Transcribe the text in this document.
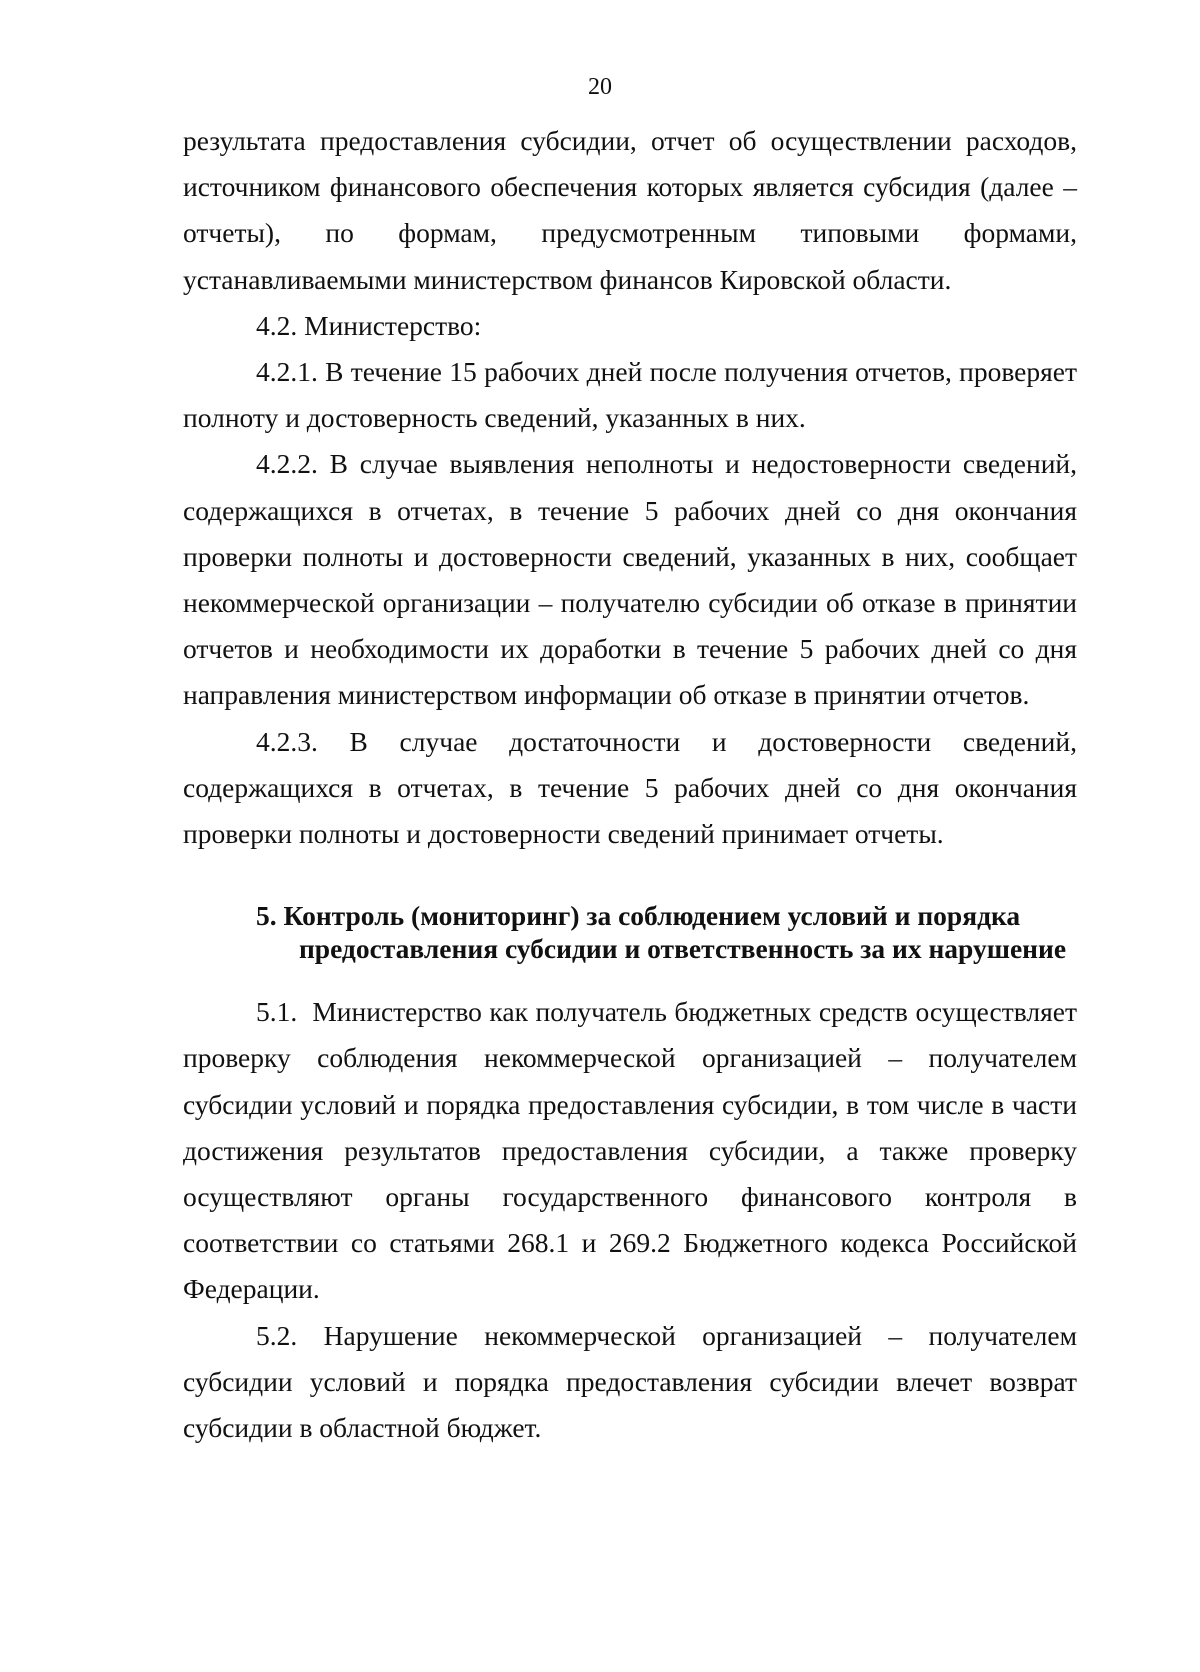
20

результата предоставления субсидии, отчет об осуществлении расходов, источником финансового обеспечения которых является субсидия (далее – отчеты), по формам, предусмотренным типовыми формами, устанавливаемыми министерством финансов Кировской области.

4.2. Министерство:

4.2.1. В течение 15 рабочих дней после получения отчетов, проверяет полноту и достоверность сведений, указанных в них.

4.2.2. В случае выявления неполноты и недостоверности сведений, содержащихся в отчетах, в течение 5 рабочих дней со дня окончания проверки полноты и достоверности сведений, указанных в них, сообщает некоммерческой организации – получателю субсидии об отказе в принятии отчетов и необходимости их доработки в течение 5 рабочих дней со дня направления министерством информации об отказе в принятии отчетов.

4.2.3. В случае достаточности и достоверности сведений, содержащихся в отчетах, в течение 5 рабочих дней со дня окончания проверки полноты и достоверности сведений принимает отчеты.

5. Контроль (мониторинг) за соблюдением условий и порядка
предоставления субсидии и ответственность за их нарушение

5.1.  Министерство как получатель бюджетных средств осуществляет проверку соблюдения некоммерческой организацией – получателем субсидии условий и порядка предоставления субсидии, в том числе в части достижения результатов предоставления субсидии, а также проверку осуществляют органы государственного финансового контроля в соответствии со статьями 268.1 и 269.2 Бюджетного кодекса Российской Федерации.

5.2. Нарушение некоммерческой организацией – получателем субсидии условий и порядка предоставления субсидии влечет возврат субсидии в областной бюджет.
